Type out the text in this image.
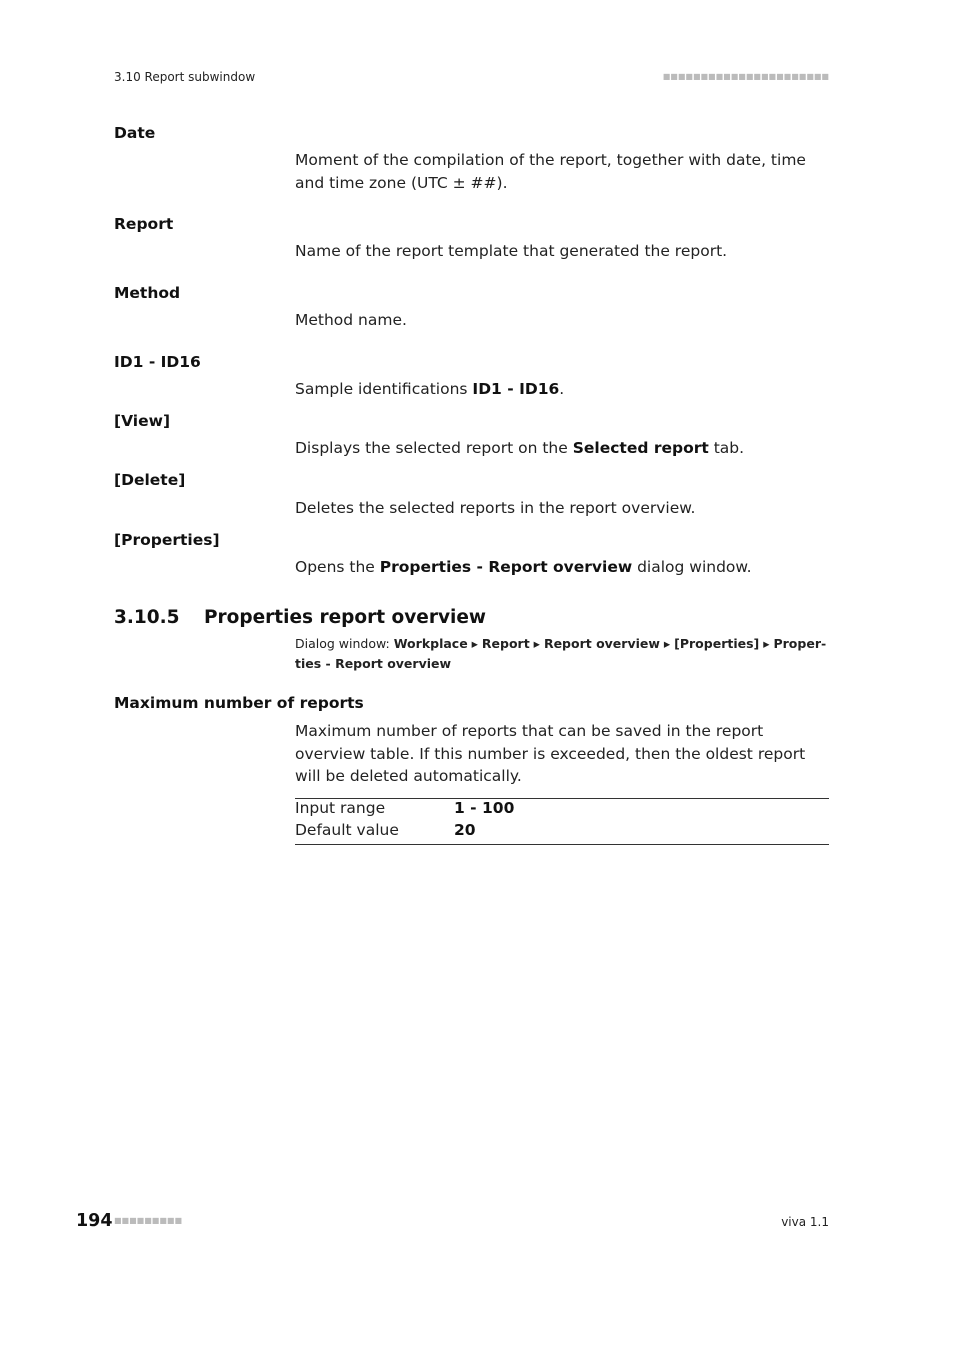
3.10 Report subwindow	■■■■■■■■■■■■■■■■■■■■■■
Date
Moment of the compilation of the report, together with date, time and time zone (UTC ± ##).
Report
Name of the report template that generated the report.
Method
Method name.
ID1 - ID16
Sample identifications ID1 - ID16.
[View]
Displays the selected report on the Selected report tab.
[Delete]
Deletes the selected reports in the report overview.
[Properties]
Opens the Properties - Report overview dialog window.
3.10.5 Properties report overview
Dialog window: Workplace ▸ Report ▸ Report overview ▸ [Properties] ▸ Proper-ties - Report overview
Maximum number of reports
Maximum number of reports that can be saved in the report overview table. If this number is exceeded, then the oldest report will be deleted automatically.
Input range	1 - 100
Default value	20
194 ■■■■■■■■■	viva 1.1
